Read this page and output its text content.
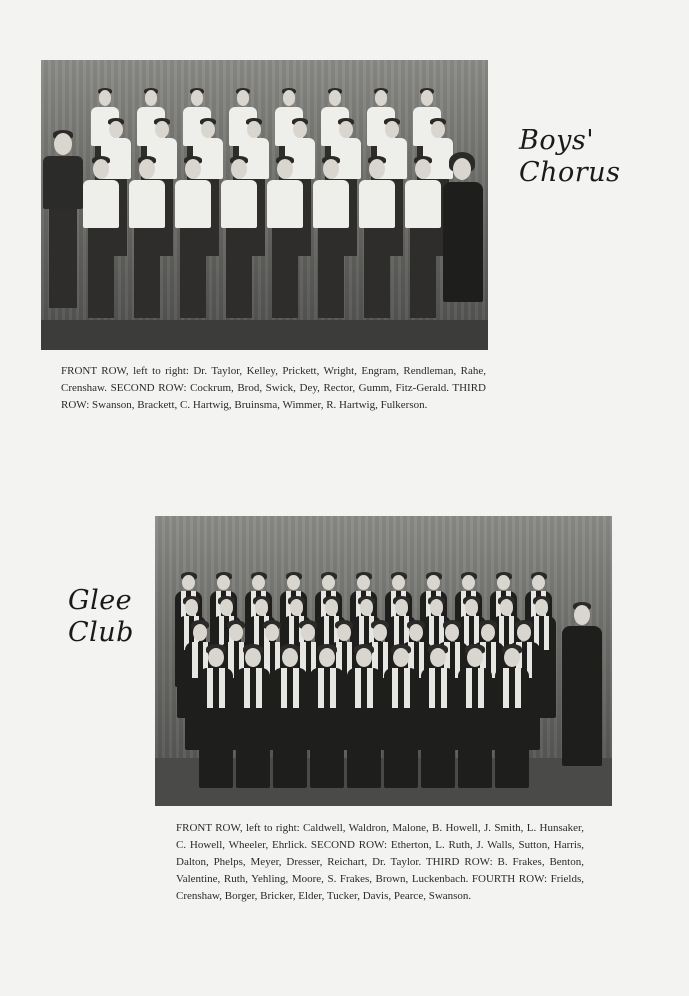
Boys'
Chorus
FRONT ROW, left to right: Dr. Taylor, Kelley, Prickett, Wright, Engram, Rendleman, Rahe, Crenshaw. SECOND ROW: Cockrum, Brod, Swick, Dey, Rector, Gumm, Fitz-Gerald. THIRD ROW: Swanson, Brackett, C. Hartwig, Bruinsma, Wimmer, R. Hartwig, Fulkerson.
Glee
Club
FRONT ROW, left to right: Caldwell, Waldron, Malone, B. Howell, J. Smith, L. Hunsaker, C. Howell, Wheeler, Ehrlick. SECOND ROW: Etherton, L. Ruth, J. Walls, Sutton, Harris, Dalton, Phelps, Meyer, Dresser, Reichart, Dr. Taylor. THIRD ROW: B. Frakes, Benton, Valentine, Ruth, Yehling, Moore, S. Frakes, Brown, Luckenbach. FOURTH ROW: Frields, Crenshaw, Borger, Bricker, Elder, Tucker, Davis, Pearce, Swanson.
